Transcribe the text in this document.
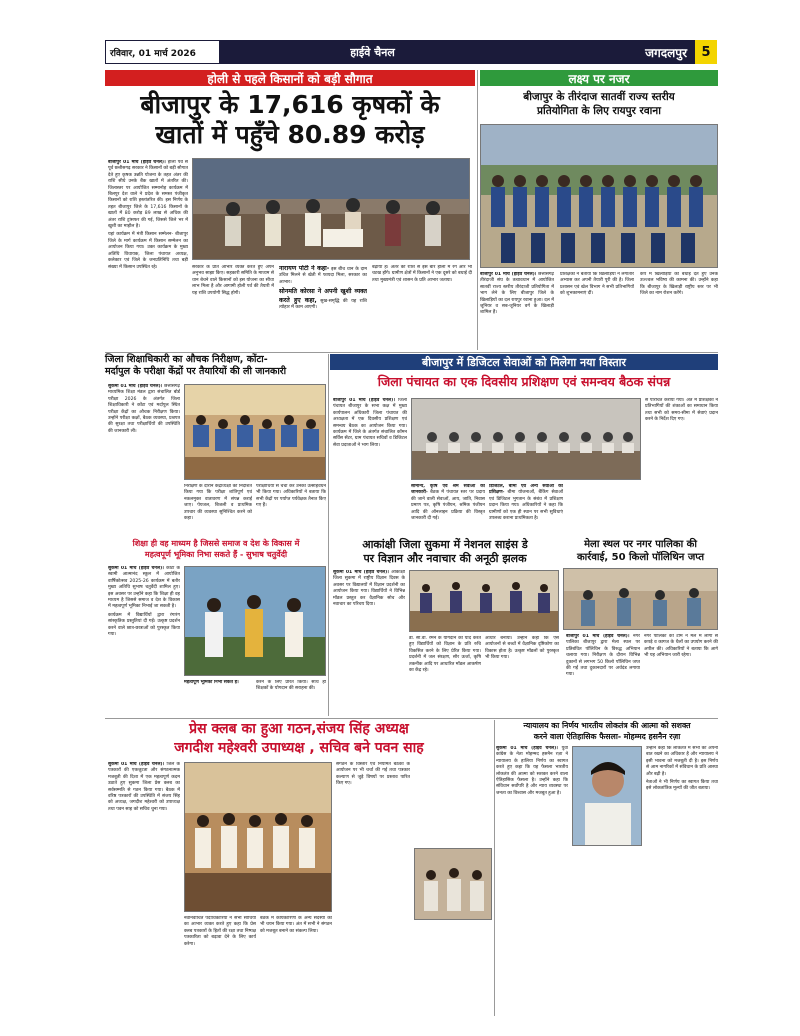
रविवार, 01 मार्च 2026	हाईवे चैनल	जगदलपुर	5
होली से पहले किसानों को बड़ी सौगात
बीजापुर के 17,616 कृषकों के
खातों में पहुँचे 80.89 करोड़

बीजापुर 01 मार्च (हाईवे चैनल)। होली पर्व से पूर्व छत्तीसगढ़ सरकार ने किसानों को बड़ी सौगात देते हुए कृषक उन्नति योजना के तहत अंतर की राशि सीधे उनके बैंक खातों में अंतरित की। जिलास्तर पर आयोजित सम्मानोह कार्यक्रम में बिलपुर देश वाले ने प्रदेश के समस्त पंजीकृत किसानों को राशि हस्तांतरित की। इस निर्णय के तहत बीजापुर जिले के 17,616 किसानों के खातों में 80 करोड़ 89 लाख से अधिक की अंतर राशि ट्रांसफर की गई, जिससे जिले भर में खुशी का माहौल है।

यहां कार्यक्रम में मंत्री किसान सम्मेलन- बीजापुर जिले के मार्ग कार्यक्रम में किसान सम्मेलन का आयोजन किया गया। उक्त कार्यक्रम के मुख्य अतिथि विधायक, जिला पंचायत अध्यक्ष, कलेक्टर एवं जिले के जनप्रतिनिधि तथा बड़ी संख्या में किसान उपस्थित रहे।	सरकार के प्रति आभार व्यक्त करते हुए अपने अनुभव साझा किए। सहकारी समिति के माध्यम से धान बेचने वाले किसानों को इस योजना का सीधा लाभ मिला है और आगामी होली पर्व की तैयारी में यह राशि उपयोगी सिद्ध होगी।

नारायण पोटी ने कहा- इस बीच धान के दाम उचित मिलने से खेती में फायदा मिला, सरकार का आभार।

सोनमति कोरसा ने अपनी खुशी व्यक्त करते हुए कहा, सुख-समृद्धि की यह राशि त्योहार में काम आएगी।

बढ़ाया है। अंतर की राशि से इस बार होली में रंग और भी चटख होंगे। ग्रामीण क्षेत्रों में किसानों ने एक दूसरे को बधाई दी तथा मुख्यमंत्री एवं शासन के प्रति आभार जताया।

लक्ष्य पर नजर
बीजापुर के तीरंदाज सातवीं राज्य स्तरीय
प्रतियोगिता के लिए रायपुर रवाना

बीजापुर 01 मार्च (हाईवे चैनल)। छत्तीसगढ़ तीरंदाजी संघ के तत्वावधान में आयोजित सातवीं राज्य स्तरीय तीरंदाजी प्रतियोगिता में भाग लेने के लिए बीजापुर जिले के खिलाड़ियों का दल रायपुर रवाना हुआ। दल में जूनियर व सब-जूनियर वर्ग के खिलाड़ी शामिल हैं।

प्रशिक्षकों ने बताया कि खिलाड़ियों ने लगातार अभ्यास कर अपनी तैयारी पूरी की है। जिला प्रशासन एवं खेल विभाग ने सभी प्रतिभागियों को शुभकामनाएं दीं।

कैंप में खिलाड़ियों को बधाई देते हुए उनके उज्ज्वल भविष्य की कामना की। उन्होंने कहा कि बीजापुर के खिलाड़ी राष्ट्रीय स्तर पर भी जिले का नाम रोशन करेंगे।

जिला शिक्षाधिकारी का औचक निरीक्षण, कोंटा-
मर्दापुल के परीक्षा केंद्रों पर तैयारियों की ली जानकारी

सुकमा 01 मार्च (हाईवे चैनल)। छत्तीसगढ़ माध्यमिक शिक्षा मंडल द्वारा संचालित बोर्ड परीक्षा 2026 के अंतर्गत जिला शिक्षाधिकारी ने कोंटा एवं मर्दापुल स्थित परीक्षा केंद्रों का औचक निरीक्षण किया। उन्होंने परीक्षा कक्षों, बैठक व्यवस्था, प्रश्नपत्र की सुरक्षा तथा परीक्षार्थियों की उपस्थिति की जानकारी ली।

निरीक्षण के दौरान केंद्राध्यक्षों को निर्देशित किया गया कि परीक्षा शांतिपूर्ण एवं नकलमुक्त वातावरण में संपन्न कराई जाए। पेयजल, बिजली व प्राथमिक उपचार की व्यवस्था सुनिश्चित करने को कहा।

परीक्षार्थियों से चर्चा कर उनका उत्साहवर्धन भी किया गया। अधिकारियों ने बताया कि सभी केंद्रों पर पर्याप्त पर्यवेक्षक तैनात किए गए हैं।

बीजापुर में डिजिटल सेवाओं को मिलेगा नया विस्तार
जिला पंचायत का एक दिवसीय प्रशिक्षण एवं समन्वय बैठक संपन्न

बीजापुर 01 मार्च (हाईवे चैनल)। जिला पंचायत बीजापुर के सभा कक्ष में मुख्य कार्यपालन अधिकारी जिला पंचायत की अध्यक्षता में एक दिवसीय प्रशिक्षण एवं समन्वय बैठक का आयोजन किया गया। कार्यक्रम में जिले के अंतर्गत संचालित कॉमन सर्विस सेंटर, ग्राम पंचायत सचिवों व डिजिटल सेवा प्रदाताओं ने भाग लिया।

सामान्य, कृषि एवं श्रम सेवाओं की जानकारी- बैठक में पंचायत स्तर पर प्रदाय की जाने वाली सेवाओं, आय, जाति, निवास प्रमाण पत्र, कृषि पंजीयन, श्रमिक पंजीयन आदि की ऑनलाइन प्रक्रिया की विस्तृत जानकारी दी गई।

डिजिटल, बीमा एवं अन्य सेवाओं का प्रशिक्षण- बीमा योजनाओं, बैंकिंग सेवाओं एवं डिजिटल भुगतान के संबंध में प्रशिक्षण प्रदान किया गया। अधिकारियों ने कहा कि ग्रामीणों को एक ही स्थान पर सभी सुविधाएं उपलब्ध कराना प्राथमिकता है।

से परिचित कराया गया। अंत में प्रशिक्षकों ने प्रतिभागियों की शंकाओं का समाधान किया तथा सभी को समय-सीमा में सेवाएं प्रदान करने के निर्देश दिए गए।

शिक्षा ही वह माध्यम है जिससे समाज व देश के विकास में
महत्वपूर्ण भूमिका निभा सकते हैं - सुभाष चतुर्वेदी

सुकमा 01 मार्च (हाईवे चैनल)। कोंटा के स्वामी आत्मानंद स्कूल में आयोजित वार्षिकोत्सव 2025-26 कार्यक्रम में बतौर मुख्य अतिथि सुभाष चतुर्वेदी शामिल हुए। इस अवसर पर उन्होंने कहा कि शिक्षा ही वह माध्यम है जिससे समाज व देश के विकास में महत्वपूर्ण भूमिका निभाई जा सकती है।

कार्यक्रम में विद्यार्थियों द्वारा रंगारंग सांस्कृतिक प्रस्तुतियां दी गईं। उत्कृष्ट प्रदर्शन करने वाले छात्र-छात्राओं को पुरस्कृत किया गया।

महत्वपूर्ण भूमिका निभा सकते हैं।	करने के लिए प्रेरित किया। साथ ही शिक्षकों के योगदान की सराहना की।

आकांक्षी जिला सुकमा में नेशनल साइंस डे
पर विज्ञान और नवाचार की अनूठी झलक

सुकमा 01 मार्च (हाईवे चैनल)। आकांक्षी जिला सुकमा में राष्ट्रीय विज्ञान दिवस के अवसर पर विद्यालयों में विज्ञान प्रदर्शनी का आयोजन किया गया। विद्यार्थियों ने विभिन्न मॉडल प्रस्तुत कर वैज्ञानिक सोच और नवाचार का परिचय दिया।

डॉ. सी.वी. रमन के योगदान को याद करते हुए विद्यार्थियों को विज्ञान के प्रति रुचि विकसित करने के लिए प्रेरित किया गया। प्रदर्शनी में जल संरक्षण, सौर ऊर्जा, कृषि तकनीक आदि पर आधारित मॉडल आकर्षण का केंद्र रहे।

आधार बनाया। उन्होंने कहा कि ऐसे आयोजनों से बच्चों में वैज्ञानिक दृष्टिकोण का विकास होता है। उत्कृष्ट मॉडलों को पुरस्कृत भी किया गया।

मेला स्थल पर नगर पालिका की
कार्रवाई, 50 किलो पॉलिथिन जप्त

बीजापुर 01 मार्च (हाईवे चैनल)। नगर पालिका बीजापुर द्वारा मेला स्थल पर प्रतिबंधित पॉलिथिन के विरुद्ध अभियान चलाया गया। निरीक्षण के दौरान विभिन्न दुकानों से लगभग 50 किलो पॉलिथिन जप्त की गई तथा दुकानदारों पर अर्थदंड लगाया गया।

नगर पालिका की टीम ने मेले में लोगों से कपड़े व कागज के थैलों का उपयोग करने की अपील की। अधिकारियों ने बताया कि आगे भी यह अभियान जारी रहेगा।

न्यायालय का निर्णय भारतीय लोकतंत्र की आत्मा को सशक्त
करने वाला ऐतिहासिक फैसला- मोहम्मद हसनैन रज़ा

सुकमा 01 मार्च (हाईवे चैनल)। युवा कांग्रेस के नेता मोहम्मद हसनैन रज़ा ने न्यायालय के हालिया निर्णय का स्वागत करते हुए कहा कि यह फैसला भारतीय लोकतंत्र की आत्मा को सशक्त करने वाला ऐतिहासिक फैसला है। उन्होंने कहा कि संविधान सर्वोपरि है और न्याय व्यवस्था पर जनता का विश्वास और मजबूत हुआ है।

उन्होंने कहा कि लोकतंत्र में सभी को अपनी बात रखने का अधिकार है और न्यायालय ने इसी भावना को मजबूती दी है। इस निर्णय से आम नागरिकों में संविधान के प्रति आस्था और बढ़ी है।

नेताओं ने भी निर्णय का स्वागत किया तथा इसे लोकतांत्रिक मूल्यों की जीत बताया।

प्रेस क्लब का हुआ गठन,संजय सिंह अध्यक्ष
जगदीश महेश्वरी उपाध्यक्ष , सचिव बने पवन साह

सुकमा 01 मार्च (हाईवे चैनल)। जिले के पत्रकारों की एकजुटता और संगठनात्मक मजबूती की दिशा में एक महत्वपूर्ण कदम उठाते हुए सुकमा जिला प्रेस क्लब का सर्वसम्मति से गठन किया गया। बैठक में वरिष्ठ पत्रकारों की उपस्थिति में संजय सिंह को अध्यक्ष, जगदीश महेश्वरी को उपाध्यक्ष तथा पवन साह को सचिव चुना गया।

नवनिर्वाचित पदाधिकारियों ने सभी साथियों का आभार व्यक्त करते हुए कहा कि प्रेस क्लब पत्रकारों के हितों की रक्षा तथा निष्पक्ष पत्रकारिता को बढ़ावा देने के लिए कार्य करेगा।

बैठक में कार्यकारिणी के अन्य सदस्यों का भी चयन किया गया। अंत में सभी ने संगठन को मजबूत बनाने का संकल्प लिया।

संगठन के विस्तार एवं नियमित बैठकों के आयोजन पर भी चर्चा की गई तथा पत्रकार कल्याण से जुड़े विषयों पर प्रस्ताव पारित किए गए।
